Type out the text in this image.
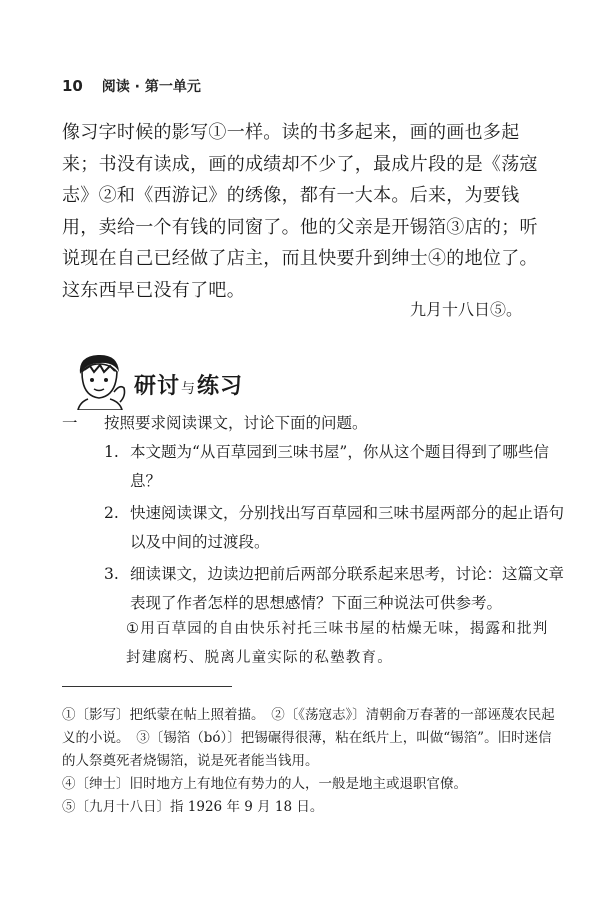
10 阅读 · 第一单元
像习字时候的影写①一样。读的书多起来，画的画也多起来；书没有读成，画的成绩却不少了，最成片段的是《荡寇志》②和《西游记》的绣像，都有一大本。后来，为要钱用，卖给一个有钱的同窗了。他的父亲是开锡箔③店的；听说现在自己已经做了店主，而且快要升到绅士④的地位了。这东西早已没有了吧。
九月十八日⑤。
研讨与练习
一 按照要求阅读课文，讨论下面的问题。
1. 本文题为“从百草园到三味书屋”，你从这个题目得到了哪些信息？
2. 快速阅读课文，分别找出写百草园和三味书屋两部分的起止语句以及中间的过渡段。
3. 细读课文，边读边把前后两部分联系起来思考，讨论：这篇文章表现了作者怎样的思想感情？下面三种说法可供参考。
①用百草园的自由快乐衬托三味书屋的枯燥无味，揭露和批判封建腐朽、脱离儿童实际的私塾教育。
①〔影写〕把纸蒙在帖上照着描。　②〔《荡寇志》〕清朝俞万春著的一部诬蔑农民起义的小说。　③〔锡箔（bó）〕把锡碾得很薄，粘在纸片上，叫做“锡箔”。旧时迷信的人祭奠死者烧锡箔，说是死者能当钱用。
④〔绅士〕旧时地方上有地位有势力的人，一般是地主或退职官僚。
⑤〔九月十八日〕指 1926 年 9 月 18 日。
